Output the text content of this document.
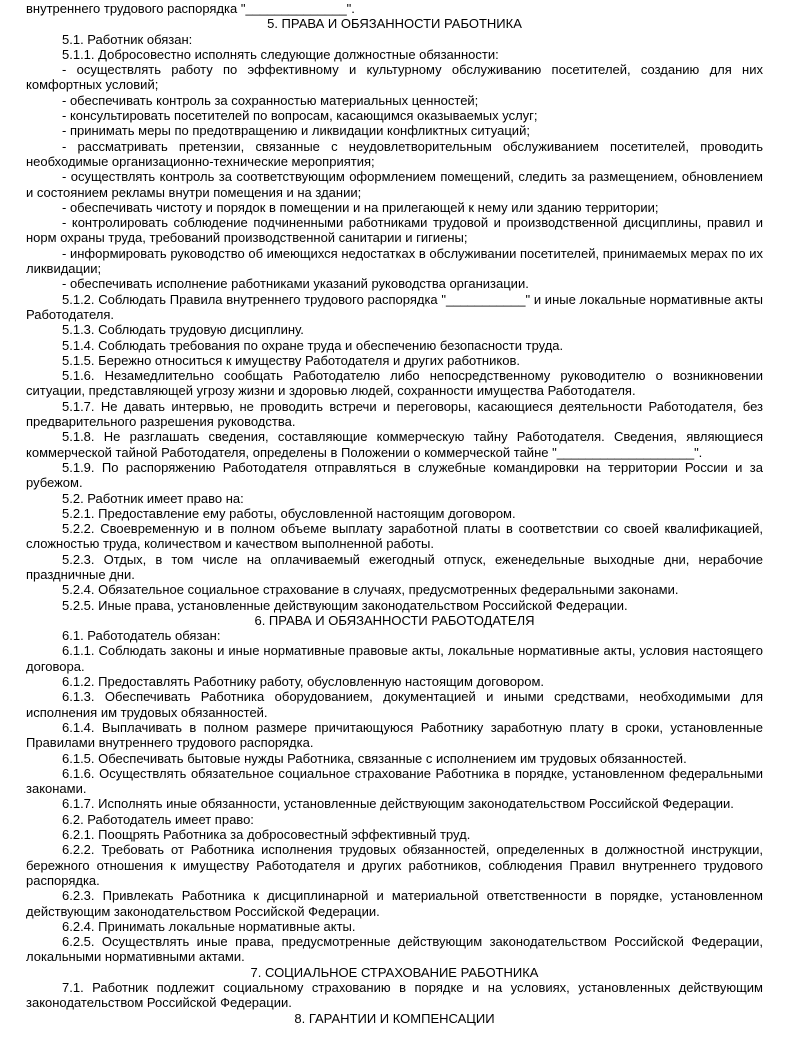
внутреннего трудового распорядка "______________".

5. ПРАВА И ОБЯЗАННОСТИ РАБОТНИКА

5.1. Работник обязан:

5.1.1. Добросовестно исполнять следующие должностные обязанности:

- осуществлять работу по эффективному и культурному обслуживанию посетителей, созданию для них комфортных условий;

- обеспечивать контроль за сохранностью материальных ценностей;

- консультировать посетителей по вопросам, касающимся оказываемых услуг;

- принимать меры по предотвращению и ликвидации конфликтных ситуаций;

- рассматривать претензии, связанные с неудовлетворительным обслуживанием посетителей, проводить необходимые организационно-технические мероприятия;

- осуществлять контроль за соответствующим оформлением помещений, следить за размещением, обновлением и состоянием рекламы внутри помещения и на здании;

- обеспечивать чистоту и порядок в помещении и на прилегающей к нему или зданию территории;

- контролировать соблюдение подчиненными работниками трудовой и производственной дисциплины, правил и норм охраны труда, требований производственной санитарии и гигиены;

- информировать руководство об имеющихся недостатках в обслуживании посетителей, принимаемых мерах по их ликвидации;

- обеспечивать исполнение работниками указаний руководства организации.

5.1.2. Соблюдать Правила внутреннего трудового распорядка "___________" и иные локальные нормативные акты Работодателя.

5.1.3. Соблюдать трудовую дисциплину.

5.1.4. Соблюдать требования по охране труда и обеспечению безопасности труда.

5.1.5. Бережно относиться к имуществу Работодателя и других работников.

5.1.6. Незамедлительно сообщать Работодателю либо непосредственному руководителю о возникновении ситуации, представляющей угрозу жизни и здоровью людей, сохранности имущества Работодателя.

5.1.7. Не давать интервью, не проводить встречи и переговоры, касающиеся деятельности Работодателя, без предварительного разрешения руководства.

5.1.8. Не разглашать сведения, составляющие коммерческую тайну Работодателя. Сведения, являющиеся коммерческой тайной Работодателя, определены в Положении о коммерческой тайне "___________________".

5.1.9. По распоряжению Работодателя отправляться в служебные командировки на территории России и за рубежом.

5.2. Работник имеет право на:

5.2.1. Предоставление ему работы, обусловленной настоящим договором.

5.2.2. Своевременную и в полном объеме выплату заработной платы в соответствии со своей квалификацией, сложностью труда, количеством и качеством выполненной работы.

5.2.3. Отдых, в том числе на оплачиваемый ежегодный отпуск, еженедельные выходные дни, нерабочие праздничные дни.

5.2.4. Обязательное социальное страхование в случаях, предусмотренных федеральными законами.

5.2.5. Иные права, установленные действующим законодательством Российской Федерации.

6. ПРАВА И ОБЯЗАННОСТИ РАБОТОДАТЕЛЯ

6.1. Работодатель обязан:

6.1.1. Соблюдать законы и иные нормативные правовые акты, локальные нормативные акты, условия настоящего договора.

6.1.2. Предоставлять Работнику работу, обусловленную настоящим договором.

6.1.3. Обеспечивать Работника оборудованием, документацией и иными средствами, необходимыми для исполнения им трудовых обязанностей.

6.1.4. Выплачивать в полном размере причитающуюся Работнику заработную плату в сроки, установленные Правилами внутреннего трудового распорядка.

6.1.5. Обеспечивать бытовые нужды Работника, связанные с исполнением им трудовых обязанностей.

6.1.6. Осуществлять обязательное социальное страхование Работника в порядке, установленном федеральными законами.

6.1.7. Исполнять иные обязанности, установленные действующим законодательством Российской Федерации.

6.2. Работодатель имеет право:

6.2.1. Поощрять Работника за добросовестный эффективный труд.

6.2.2. Требовать от Работника исполнения трудовых обязанностей, определенных в должностной инструкции, бережного отношения к имуществу Работодателя и других работников, соблюдения Правил внутреннего трудового распорядка.

6.2.3. Привлекать Работника к дисциплинарной и материальной ответственности в порядке, установленном действующим законодательством Российской Федерации.

6.2.4. Принимать локальные нормативные акты.

6.2.5. Осуществлять иные права, предусмотренные действующим законодательством Российской Федерации, локальными нормативными актами.

7. СОЦИАЛЬНОЕ СТРАХОВАНИЕ РАБОТНИКА

7.1. Работник подлежит социальному страхованию в порядке и на условиях, установленных действующим законодательством Российской Федерации.

8. ГАРАНТИИ И КОМПЕНСАЦИИ
